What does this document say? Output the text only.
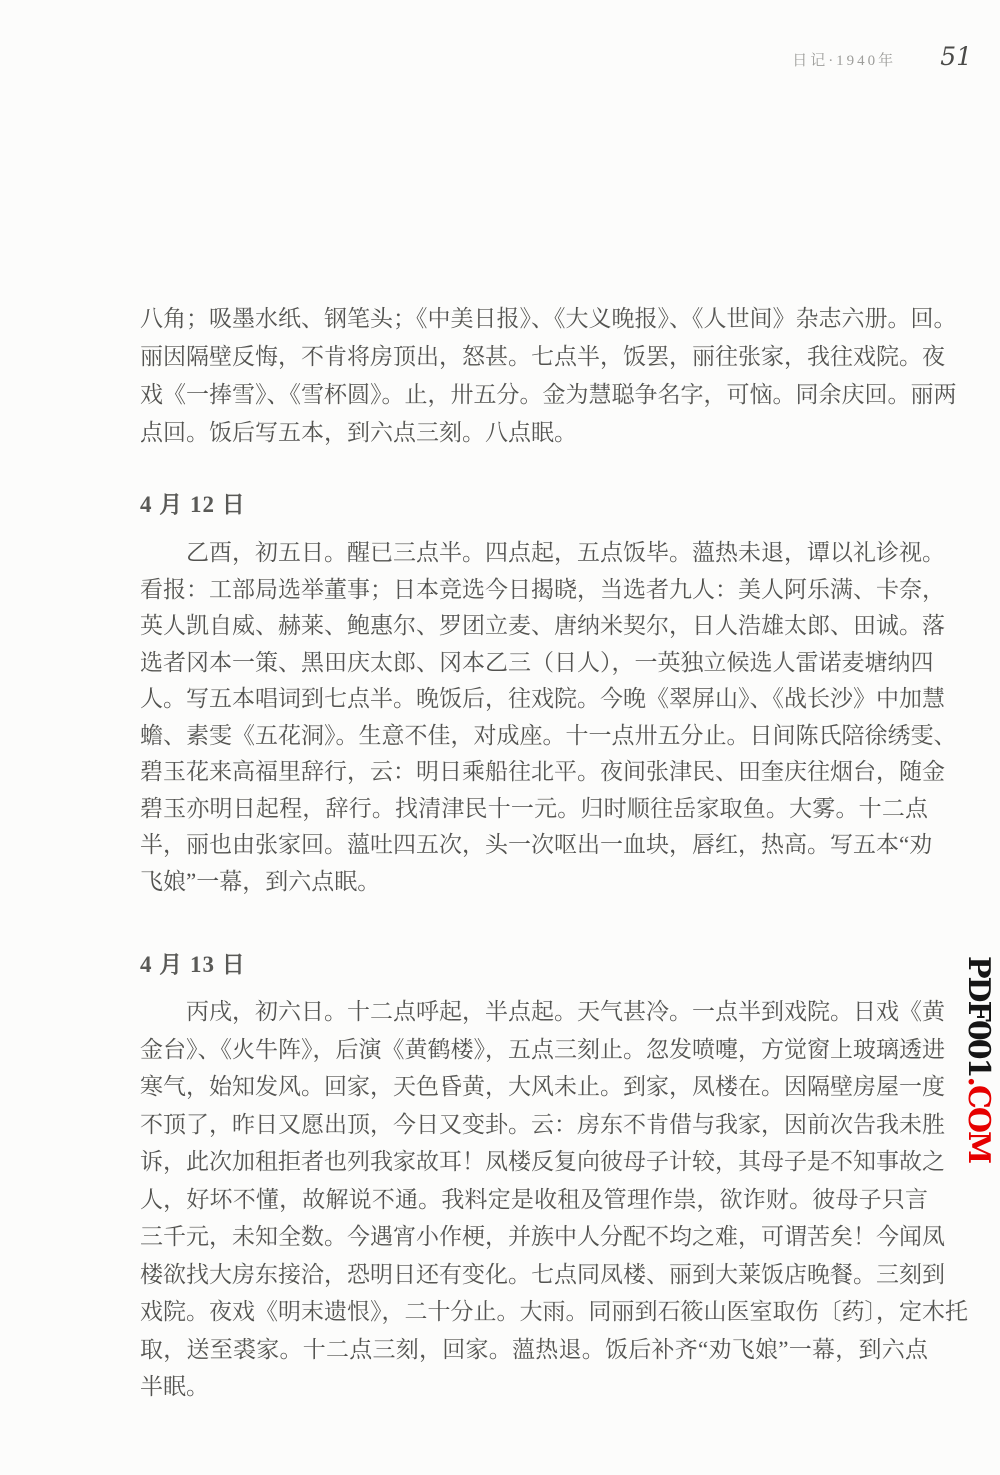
日记·1940年 51
八角；吸墨水纸、钢笔头；《中美日报》、《大义晚报》、《人世间》杂志六册。回。
丽因隔壁反悔，不肯将房顶出，怒甚。七点半，饭罢，丽往张家，我往戏院。夜
戏《一捧雪》、《雪杯圆》。止，卅五分。金为慧聪争名字，可恼。同余庆回。丽两
点回。饭后写五本，到六点三刻。八点眠。
4 月 12 日
乙酉，初五日。醒已三点半。四点起，五点饭毕。薀热未退，谭以礼诊视。
看报：工部局选举董事；日本竞选今日揭晓，当选者九人：美人阿乐满、卡奈，
英人凯自威、赫莱、鲍惠尔、罗团立麦、唐纳米契尔，日人浩雄太郎、田诚。落
选者冈本一策、黑田庆太郎、冈本乙三（日人），一英独立候选人雷诺麦塘纳四
人。写五本唱词到七点半。晚饭后，往戏院。今晚《翠屏山》、《战长沙》中加慧
蟾、素雯《五花洞》。生意不佳，对成座。十一点卅五分止。日间陈氏陪徐绣雯、
碧玉花来高福里辞行，云：明日乘船往北平。夜间张津民、田奎庆往烟台，随金
碧玉亦明日起程，辞行。找清津民十一元。归时顺往岳家取鱼。大雾。十二点
半，丽也由张家回。薀吐四五次，头一次呕出一血块，唇红，热高。写五本“劝
飞娘”一幕，到六点眠。
4 月 13 日
丙戌，初六日。十二点呼起，半点起。天气甚冷。一点半到戏院。日戏《黄
金台》、《火牛阵》，后演《黄鹤楼》，五点三刻止。忽发喷嚏，方觉窗上玻璃透进
寒气，始知发风。回家，天色昏黄，大风未止。到家，凤楼在。因隔壁房屋一度
不顶了，昨日又愿出顶，今日又变卦。云：房东不肯借与我家，因前次告我未胜
诉，此次加租拒者也列我家故耳！凤楼反复向彼母子计较，其母子是不知事故之
人，好坏不懂，故解说不通。我料定是收租及管理作祟，欲诈财。彼母子只言
三千元，未知全数。今遇宵小作梗，并族中人分配不均之难，可谓苦矣！今闻凤
楼欲找大房东接洽，恐明日还有变化。七点同凤楼、丽到大莱饭店晚餐。三刻到
戏院。夜戏《明末遗恨》，二十分止。大雨。同丽到石筱山医室取伤〔药〕，定木托
取，送至裘家。十二点三刻，回家。薀热退。饭后补齐“劝飞娘”一幕，到六点
半眠。
PDF001.COM
